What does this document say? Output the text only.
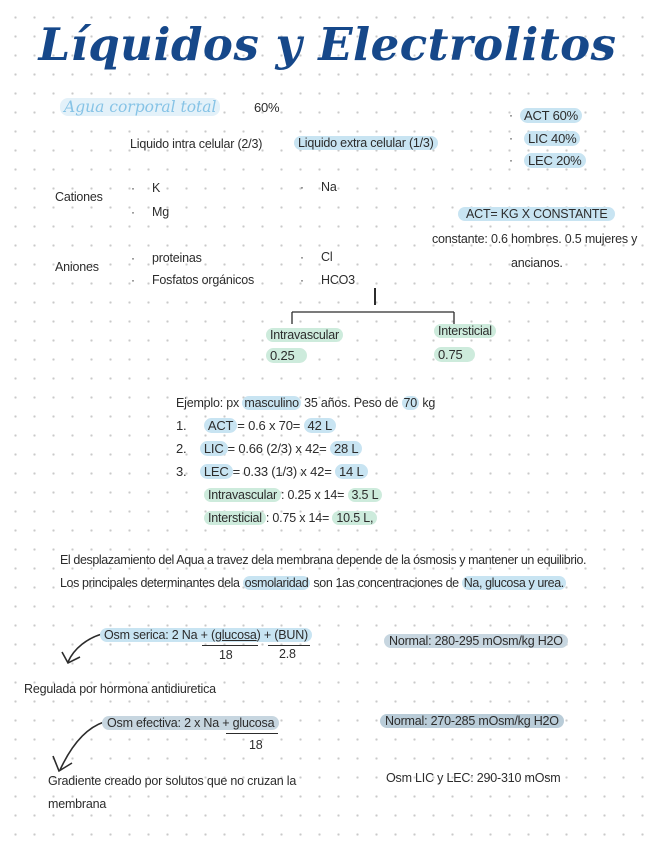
Líquidos y Electrolitos
Agua corporal total	60%	· ACT 60%
·	LIC 40%
·	LEC 20%
Liquido intra celular (2/3)	Liquido extra celular (1/3)
Cationes
· K
· Mg
· Na
ACT= KG X CONSTANTE
constante: 0.6 hombres. 0.5 mujeres y
ancianos.
Aniones
· proteinas
· Fosfatos orgánicos
· Cl
· HCO3
Intravascular
0.25
Intersticial
0.75
Ejemplo: px masculino 35 años. Peso de 70 kg
1. ACT = 0.6 x 70= 42 L
2. LIC = 0.66 (2/3) x 42= 28 L
3. LEC = 0.33 (1/3) x 42= 14 L
Intravascular : 0.25 x 14= 3.5 L
Intersticial : 0.75 x 14= 10.5 L,
El desplazamiento del Aqua a travez dela membrana depende de la ósmosis y mantener un equilibrio.
Los principales determinantes dela osmolaridad son 1as concentraciones de Na, glucosa y urea.
Osm serica: 2 Na + (glucosa) + (BUN)
18	2.8
Normal: 280-295 mOsm/kg H2O
Regulada por hormona antidiuretica
Osm efectiva: 2 x Na + glucosa
18
Normal: 270-285 mOsm/kg H2O
Gradiente creado por solutos que no cruzan la
membrana
Osm LIC y LEC: 290-310 mOsm
